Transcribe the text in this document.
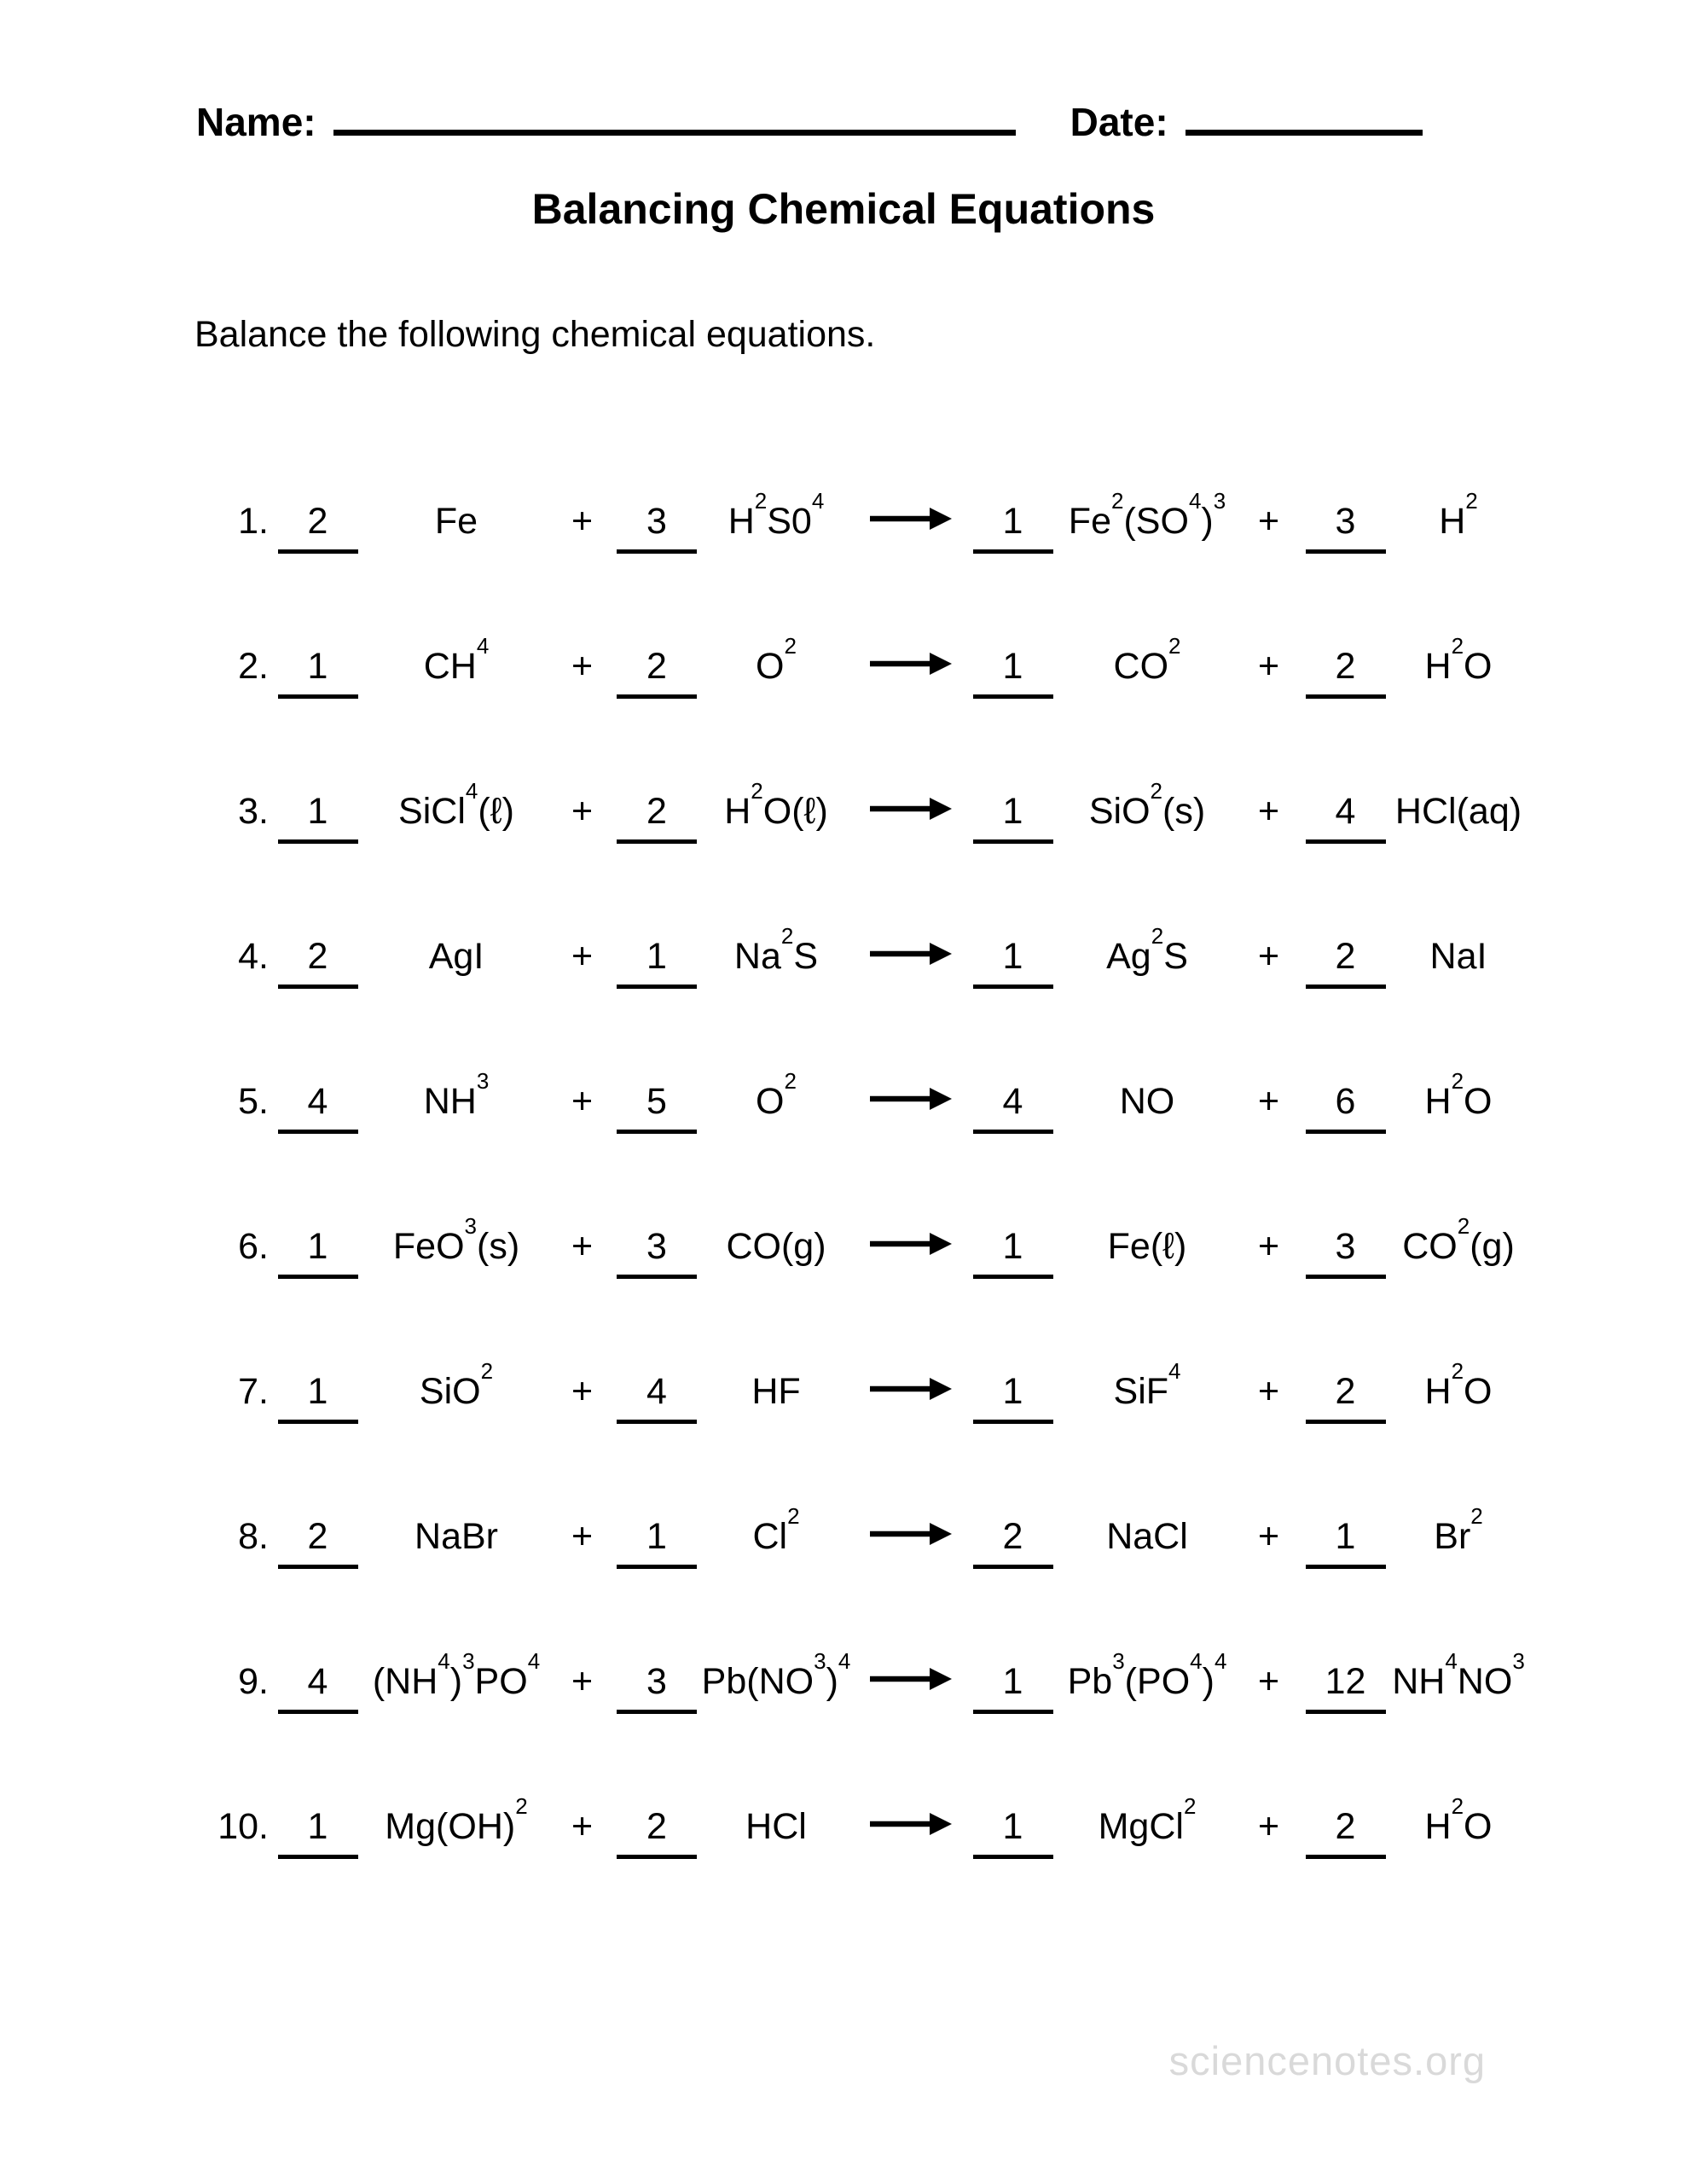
Name:	Date:
Balancing Chemical Equations
Balance the following chemical equations.
1.	2	Fe	+	3	H 2 S0 4 →	1	Fe 2 (SO 4 ) 3 +	3	H 2
2.	1	CH 4	+	2	O 2 →	1	CO 2	+	2	H 2 O
3.	1	SiCl 4 (ℓ)	+	2	H 2 O(ℓ) →	1	SiO 2 (s)	+	4	HCl(aq)
4.	2	AgI	+	1	Na 2 S	→	1	Ag 2 S	+	2	NaI
5.	4	NH 3	+	5	O 2 →	4	NO	+	6	H 2 O
6.	1	FeO 3 (s)	+	3	CO(g) →	1	Fe(ℓ)	+	3	CO 2 (g)
7.	1	SiO 2	+	4	HF	→	1	SiF 4	+	2	H 2 O
8.	2	NaBr	+	1	Cl 2 →	2	NaCl	+	1	Br 2
9.	4	(NH 4 ) 3 PO 4 +	3 Pb(NO 3 ) 4 →	1	Pb 3 (PO 4 ) 4 +	12 NH 4 NO 3
10.	1	Mg(OH) 2	+	2	HCl	→	1	MgCl 2	+	2	H 2 O
sciencenotes.org
